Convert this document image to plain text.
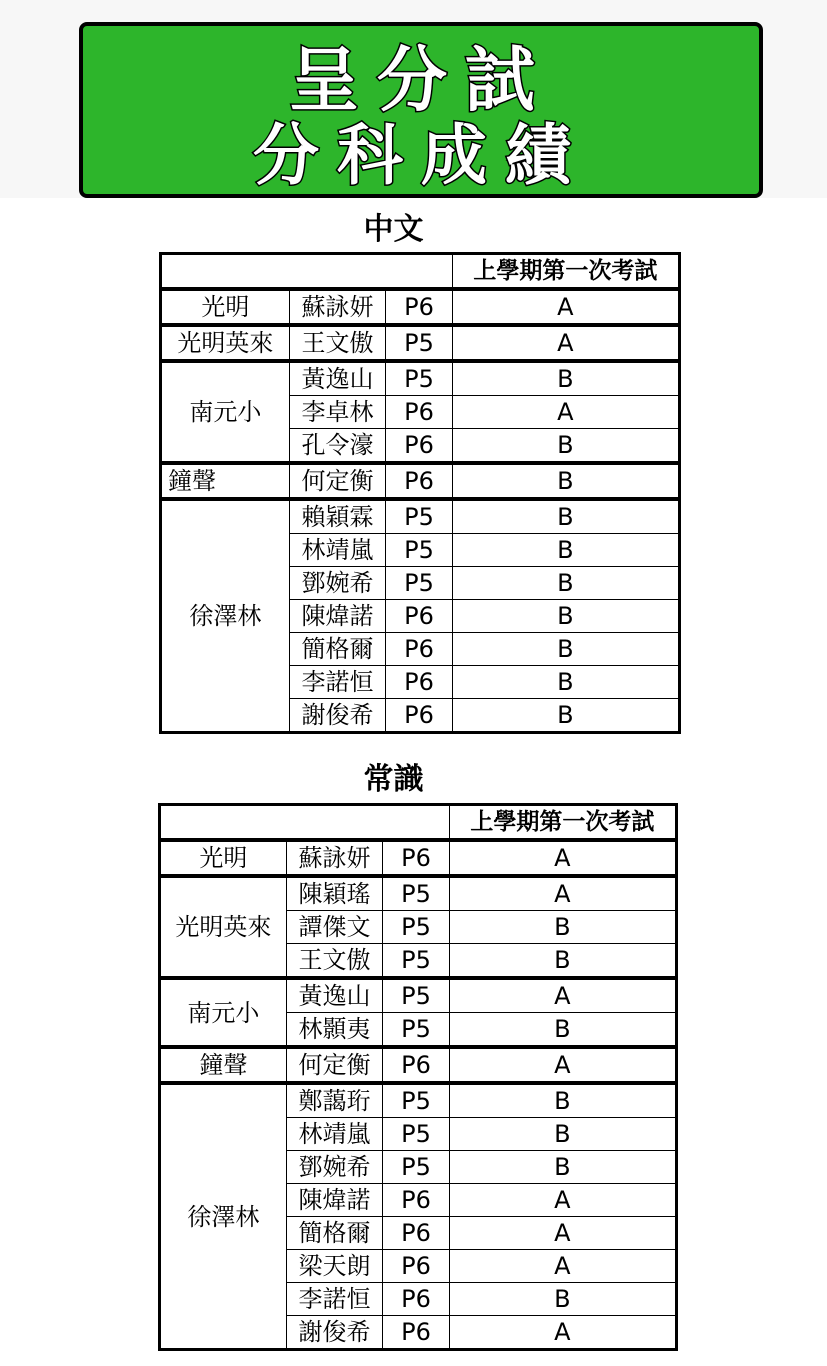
呈分試
分科成績
中文
			上學期第一次考試
光明	蘇詠妍	P6	A
光明英來	王文傲	P5	A
南元小	黃逸山	P5	B
	李卓林	P6	A
	孔令濠	P6	B
鐘聲	何定衡	P6	B
徐澤林	賴穎霖	P5	B
	林靖嵐	P5	B
	鄧婉希	P5	B
	陳煒諾	P6	B
	簡格爾	P6	B
	李諾恒	P6	B
	謝俊希	P6	B
常識
			上學期第一次考試
光明	蘇詠妍	P6	A
光明英來	陳穎瑤	P5	A
	譚傑文	P5	B
	王文傲	P5	B
南元小	黃逸山	P5	A
	林顥夷	P5	B
鐘聲	何定衡	P6	A
徐澤林	鄭藹珩	P5	B
	林靖嵐	P5	B
	鄧婉希	P5	B
	陳煒諾	P6	A
	簡格爾	P6	A
	梁天朗	P6	A
	李諾恒	P6	B
	謝俊希	P6	A
